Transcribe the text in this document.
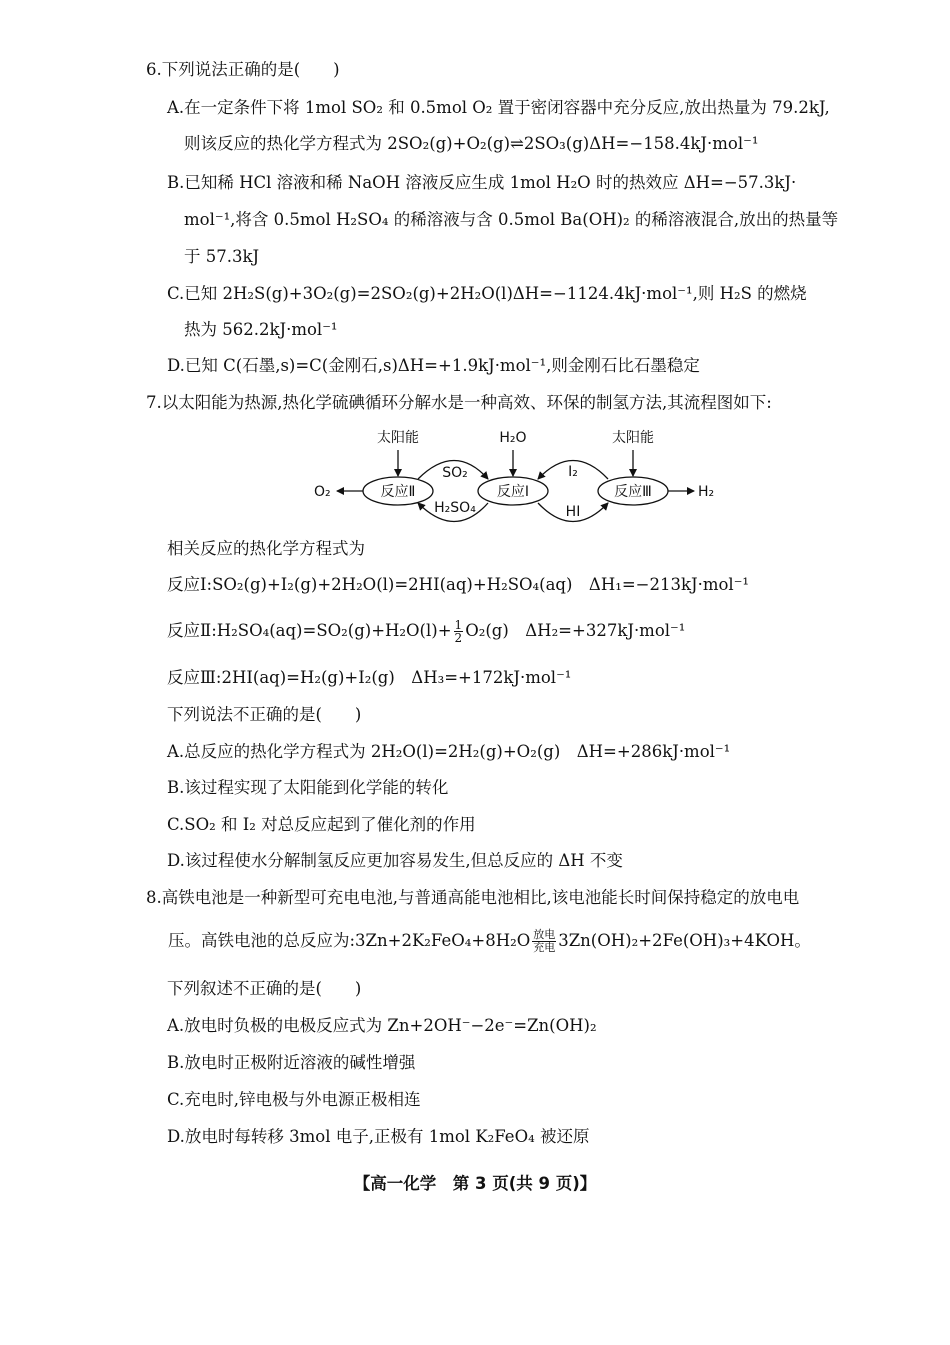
6.下列说法正确的是(　　)
A.在一定条件下将 1mol SO₂ 和 0.5mol O₂ 置于密闭容器中充分反应,放出热量为 79.2kJ,
则该反应的热化学方程式为 2SO₂(g)+O₂(g)⇌2SO₃(g)ΔH=−158.4kJ·mol⁻¹
B.已知稀 HCl 溶液和稀 NaOH 溶液反应生成 1mol H₂O 时的热效应 ΔH=−57.3kJ·
mol⁻¹,将含 0.5mol H₂SO₄ 的稀溶液与含 0.5mol Ba(OH)₂ 的稀溶液混合,放出的热量等
于 57.3kJ
C.已知 2H₂S(g)+3O₂(g)=2SO₂(g)+2H₂O(l)ΔH=−1124.4kJ·mol⁻¹,则 H₂S 的燃烧
热为 562.2kJ·mol⁻¹
D.已知 C(石墨,s)=C(金刚石,s)ΔH=+1.9kJ·mol⁻¹,则金刚石比石墨稳定
7.以太阳能为热源,热化学硫碘循环分解水是一种高效、环保的制氢方法,其流程图如下:
太阳能	H₂O	太阳能
反应Ⅱ	反应Ⅰ	反应Ⅲ
O₂	H₂
SO₂
H₂SO₄
I₂
HI
相关反应的热化学方程式为
反应Ⅰ:SO₂(g)+I₂(g)+2H₂O(l)=2HI(aq)+H₂SO₄(aq)　ΔH₁=−213kJ·mol⁻¹
反应Ⅱ:H₂SO₄(aq)=SO₂(g)+H₂O(l)+ $\frac{1}{2} O_2(g)$　ΔH₂=+327kJ·mol⁻¹
反应Ⅲ:2HI(aq)=H₂(g)+I₂(g)　ΔH₃=+172kJ·mol⁻¹
下列说法不正确的是(　　)
A.总反应的热化学方程式为 2H₂O(l)=2H₂(g)+O₂(g)　ΔH=+286kJ·mol⁻¹
B.该过程实现了太阳能到化学能的转化
C.SO₂ 和 I₂ 对总反应起到了催化剂的作用
D.该过程使水分解制氢反应更加容易发生,但总反应的 ΔH 不变
8.高铁电池是一种新型可充电电池,与普通高能电池相比,该电池能长时间保持稳定的放电电
压。高铁电池的总反应为:3Zn+2K₂FeO₄+8H₂O 放电
充电 3Zn(OH)₂+2Fe(OH)₃+4KOH。
下列叙述不正确的是(　　)
A.放电时负极的电极反应式为 Zn+2OH⁻−2e⁻=Zn(OH)₂
B.放电时正极附近溶液的碱性增强
C.充电时,锌电极与外电源正极相连
D.放电时每转移 3mol 电子,正极有 1mol K₂FeO₄ 被还原
【高一化学　第 3 页(共 9 页)】
